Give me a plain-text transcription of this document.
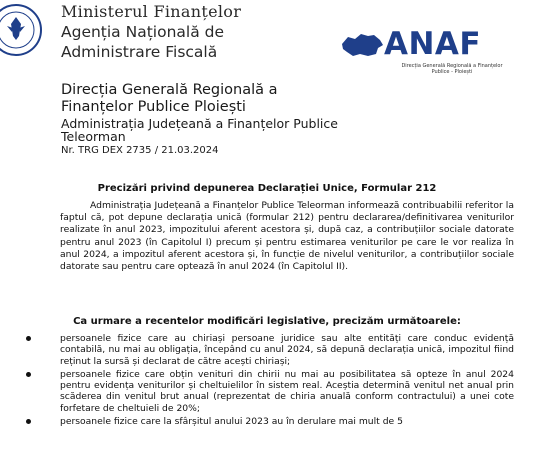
Ministerul Finanțelor
Agenția Națională de Administrare Fiscală
Direcția Generală Regională a Finanțelor Publice Ploiești
Administrația Județeană a Finanțelor Publice Teleorman
Nr. TRG DEX 2735 / 21.03.2024
ANAF
Direcția Generală Regională a Finanțelor Publice - Ploiești
Precizări privind depunerea Declarației Unice, Formular 212

Administrația Județeană a Finanțelor Publice Teleorman informează contribuabilii referitor la faptul că, pot depune declarația unică (formular 212) pentru declararea/definitivarea veniturilor realizate în anul 2023, impozitului aferent acestora și, după caz, a contribuțiilor sociale datorate pentru anul 2023 (în Capitolul I) precum și pentru estimarea veniturilor pe care le vor realiza în anul 2024, a impozitul aferent acestora și, în funcție de nivelul veniturilor, a contribuțiilor sociale datorate sau pentru care optează în anul 2024 (în Capitolul II).

Ca urmare a recentelor modificări legislative, precizăm următoarele:
persoanele fizice care au chiriași persoane juridice sau alte entități care conduc evidență contabilă, nu mai au obligația, începând cu anul 2024, să depună declarația unică, impozitul fiind reținut la sursă și declarat de către acești chiriași;
persoanele fizice care obțin venituri din chirii nu mai au posibilitatea să opteze în anul 2024 pentru evidența veniturilor și cheltuielilor în sistem real. Aceștia determină venitul net anual prin scăderea din venitul brut anual (reprezentat de chiria anuală conform contractului) a unei cote forfetare de cheltuieli de 20%;
persoanele fizice care la sfârșitul anului 2023 au în derulare mai mult de 5
